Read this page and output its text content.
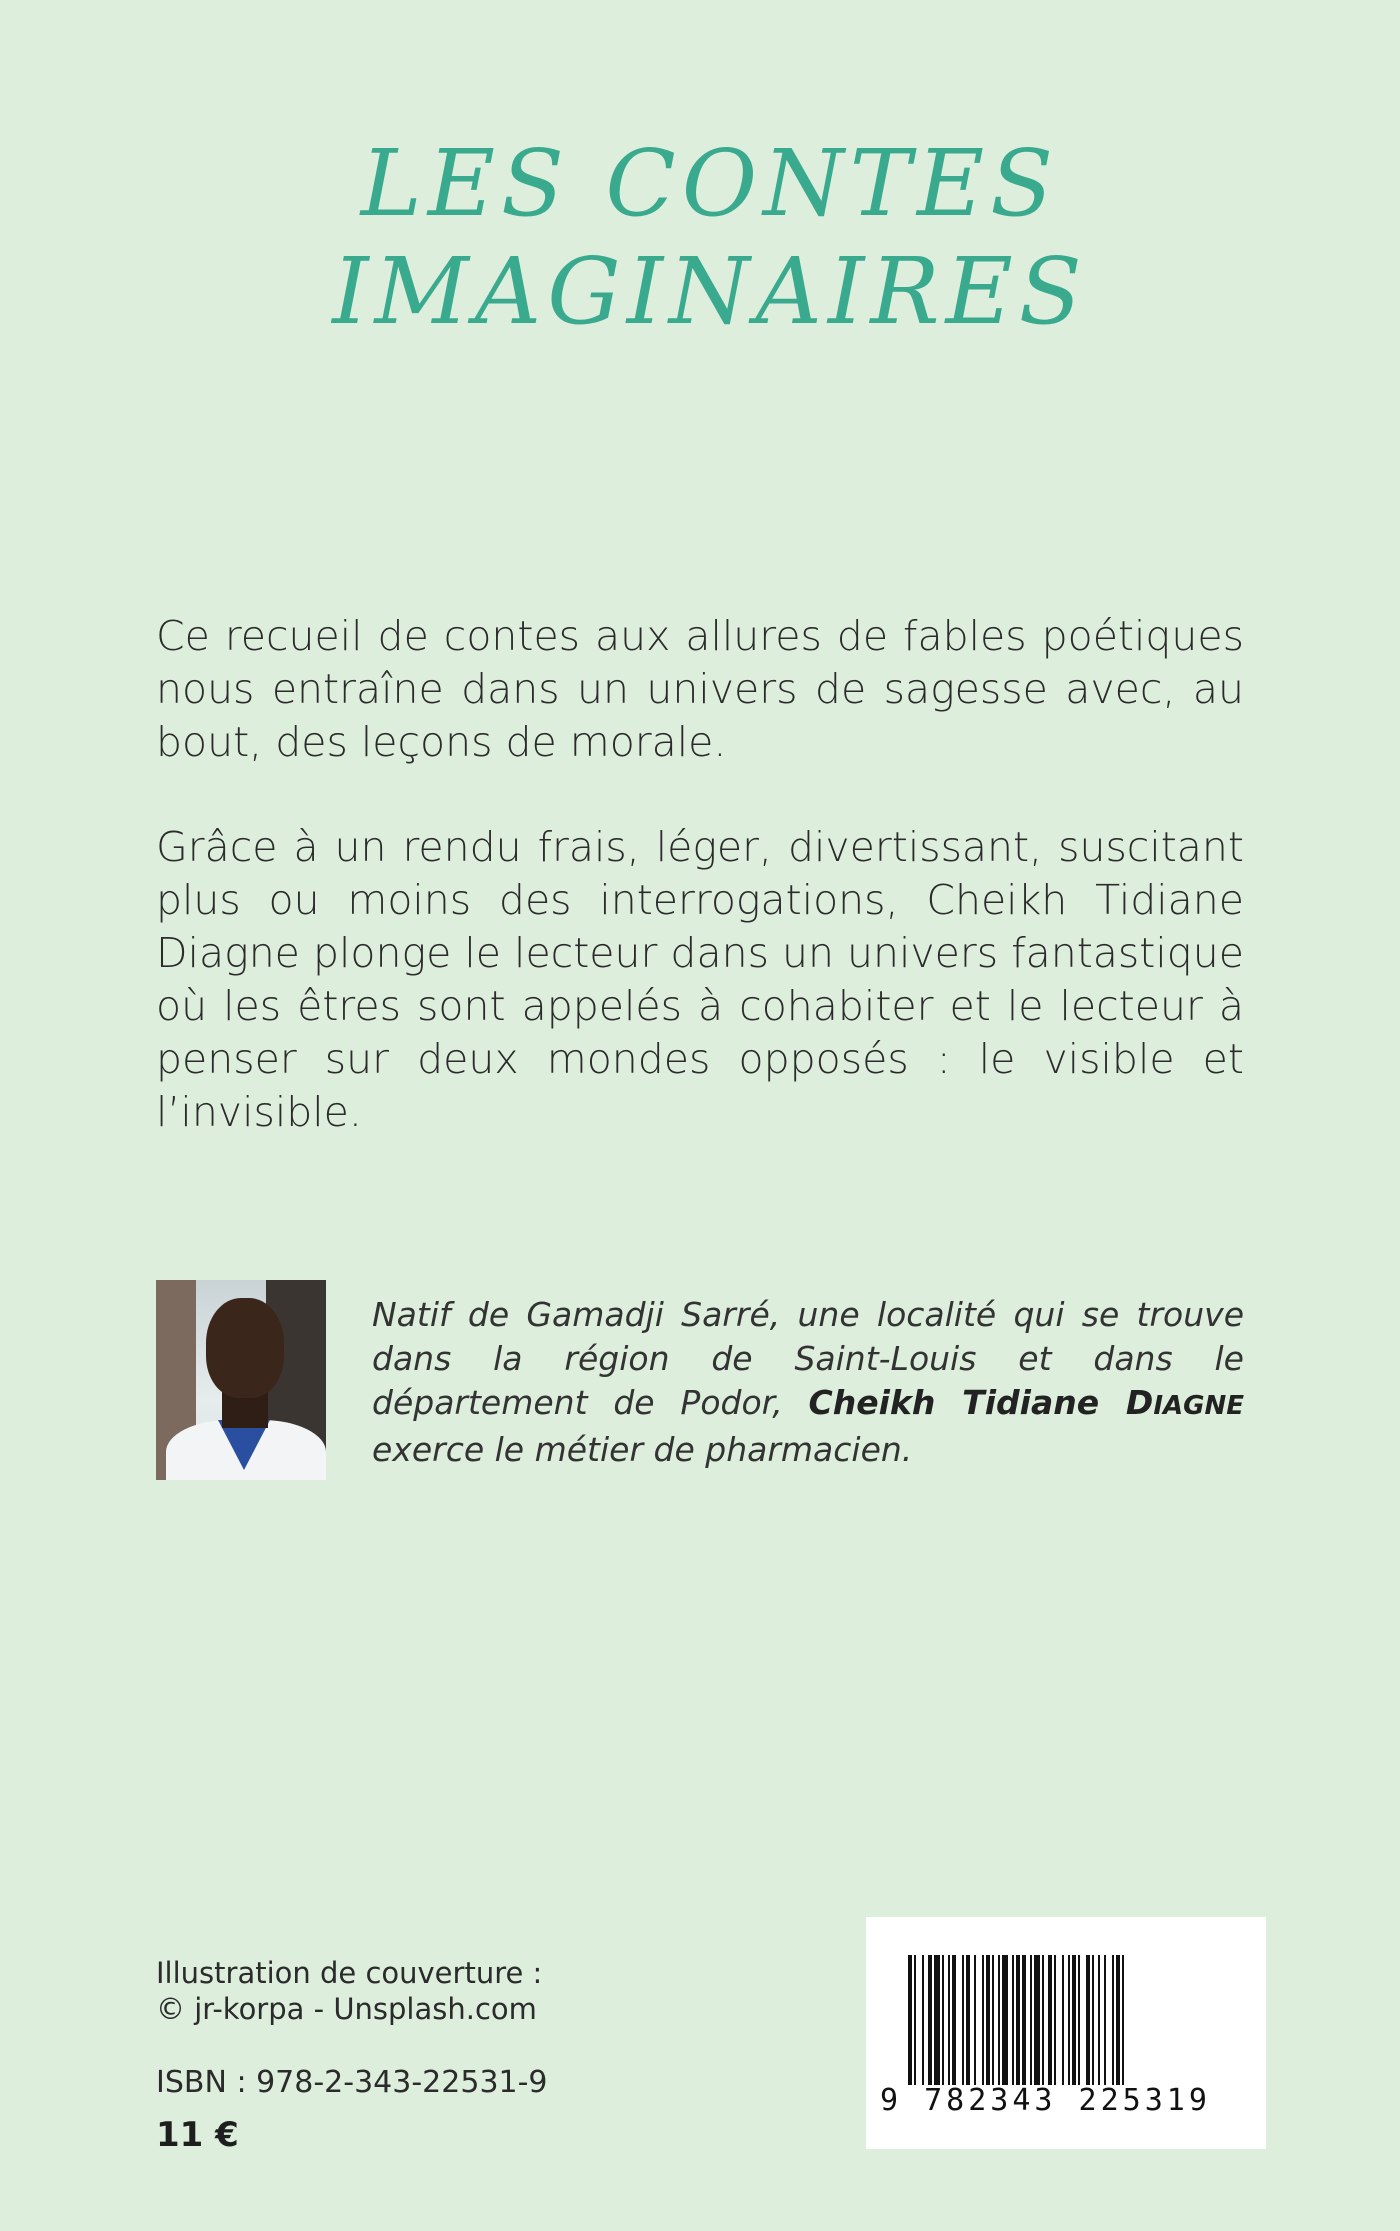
LES CONTES
IMAGINAIRES

Ce recueil de contes aux allures de fables poétiques nous entraîne dans un univers de sagesse avec, au bout, des leçons de morale.

Grâce à un rendu frais, léger, divertissant, suscitant plus ou moins des interrogations, Cheikh Tidiane Diagne plonge le lecteur dans un univers fantastique où les êtres sont appelés à cohabiter et le lecteur à penser sur deux mondes opposés : le visible et l’invisible.

Natif de Gamadji Sarré, une localité qui se trouve dans la région de Saint-Louis et dans le département de Podor, Cheikh Tidiane DIAGNE exerce le métier de pharmacien.
Illustration de couverture :
© jr-korpa - Unsplash.com
ISBN : 978-2-343-22531-9
11 €
9 782343 225319
